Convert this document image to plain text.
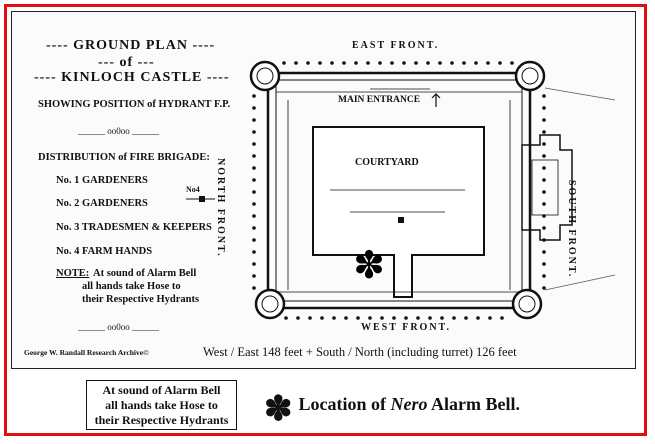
---- GROUND PLAN ----
--- of ---
---- KINLOCH CASTLE ----
SHOWING POSITION of HYDRANT F.P.
______ oo0oo ______
DISTRIBUTION of FIRE BRIGADE:
No. 1 GARDENERS
No. 2 GARDENERS
No. 3 TRADESMEN & KEEPERS
No. 4 FARM HANDS
NOTE: At sound of Alarm Bell
all hands take Hose to
their Respective Hydrants
______ oo0oo ______
George W. Randall Research Archive©	West / East 148 feet + South / North (including turret) 126 feet
✽
EAST FRONT.
WEST FRONT.
MAIN ENTRANCE
COURTYARD
No4 NORTH FRONT.	SOUTH FRONT.
At sound of Alarm Bell
all hands take Hose to
their Respective Hydrants ✽ Location of Nero Alarm Bell.
